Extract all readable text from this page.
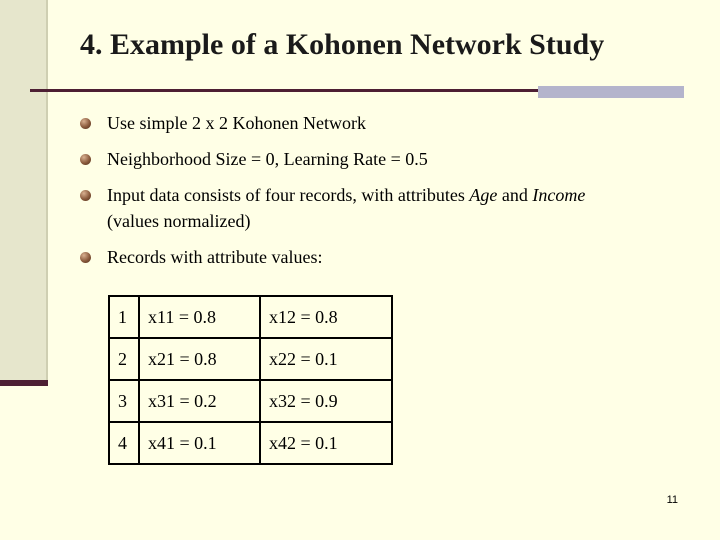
4. Example of a Kohonen Network Study
Use simple 2 x 2 Kohonen Network
Neighborhood Size = 0, Learning Rate = 0.5
Input data consists of four records, with attributes Age and Income
(values normalized)
Records with attribute values:
1	x11 = 0.8	x12 = 0.8
2	x21 = 0.8	x22 = 0.1
3	x31 = 0.2	x32 = 0.9
4	x41 = 0.1	x42 = 0.1
11
